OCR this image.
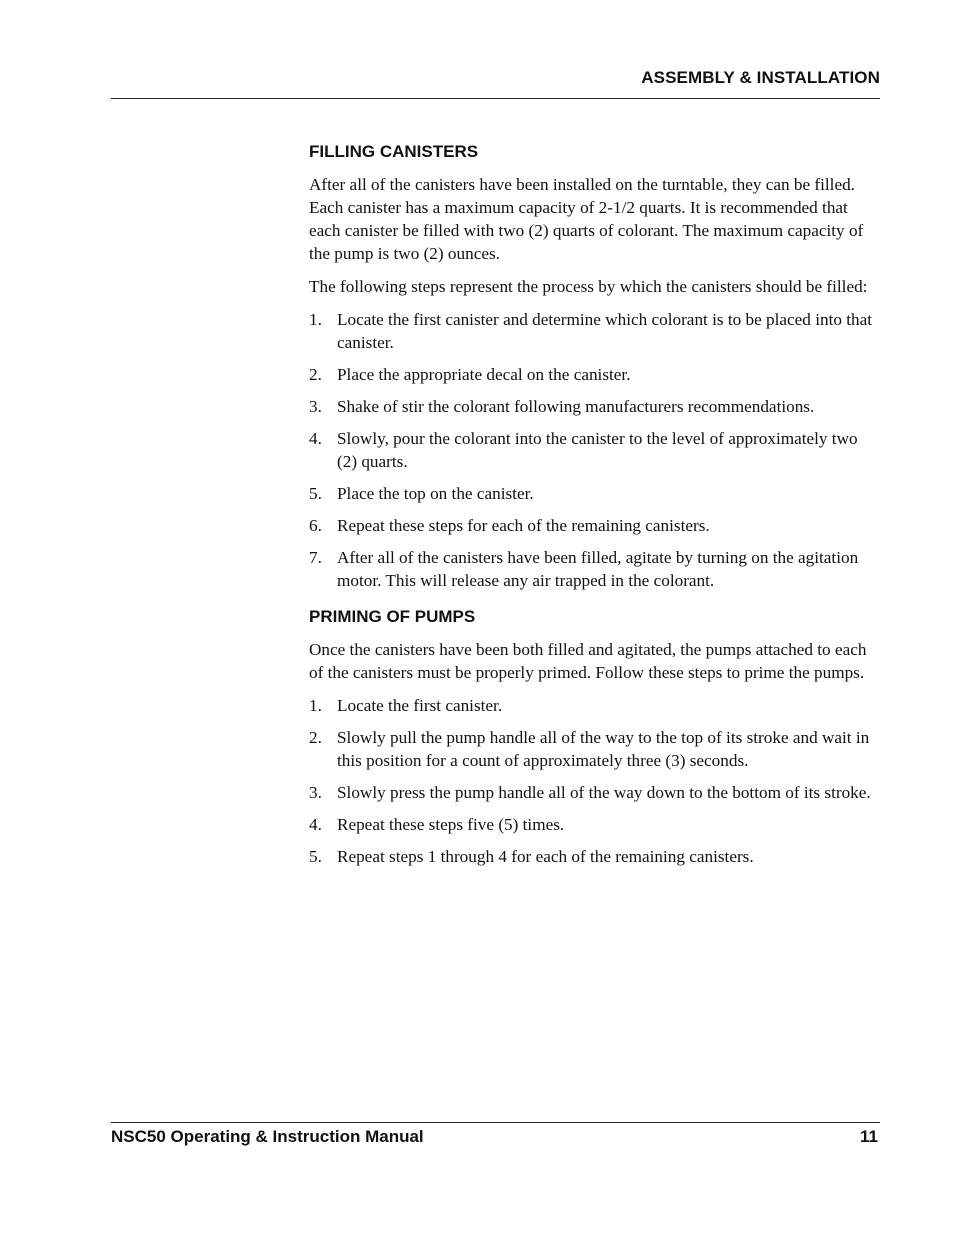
ASSEMBLY & INSTALLATION
FILLING CANISTERS

After all of the canisters have been installed on the turntable, they can be filled. Each canister has a maximum capacity of 2-1/2 quarts. It is recommended that each canister be filled with two (2) quarts of colorant. The maximum capacity of the pump is two (2) ounces.

The following steps represent the process by which the canisters should be filled:

1. Locate the first canister and determine which colorant is to be placed into that canister.
2. Place the appropriate decal on the canister.
3. Shake of stir the colorant following manufacturers recommendations.
4. Slowly, pour the colorant into the canister to the level of approximately two (2) quarts.
5. Place the top on the canister.
6. Repeat these steps for each of the remaining canisters.
7. After all of the canisters have been filled, agitate by turning on the agitation motor. This will release any air trapped in the colorant.
PRIMING OF PUMPS

Once the canisters have been both filled and agitated, the pumps attached to each of the canisters must be properly primed. Follow these steps to prime the pumps.

1. Locate the first canister.
2. Slowly pull the pump handle all of the way to the top of its stroke and wait in this position for a count of approximately three (3) seconds.
3. Slowly press the pump handle all of the way down to the bottom of its stroke.
4. Repeat these steps five (5) times.
5. Repeat steps 1 through 4 for each of the remaining canisters.
NSC50 Operating & Instruction Manual	11
